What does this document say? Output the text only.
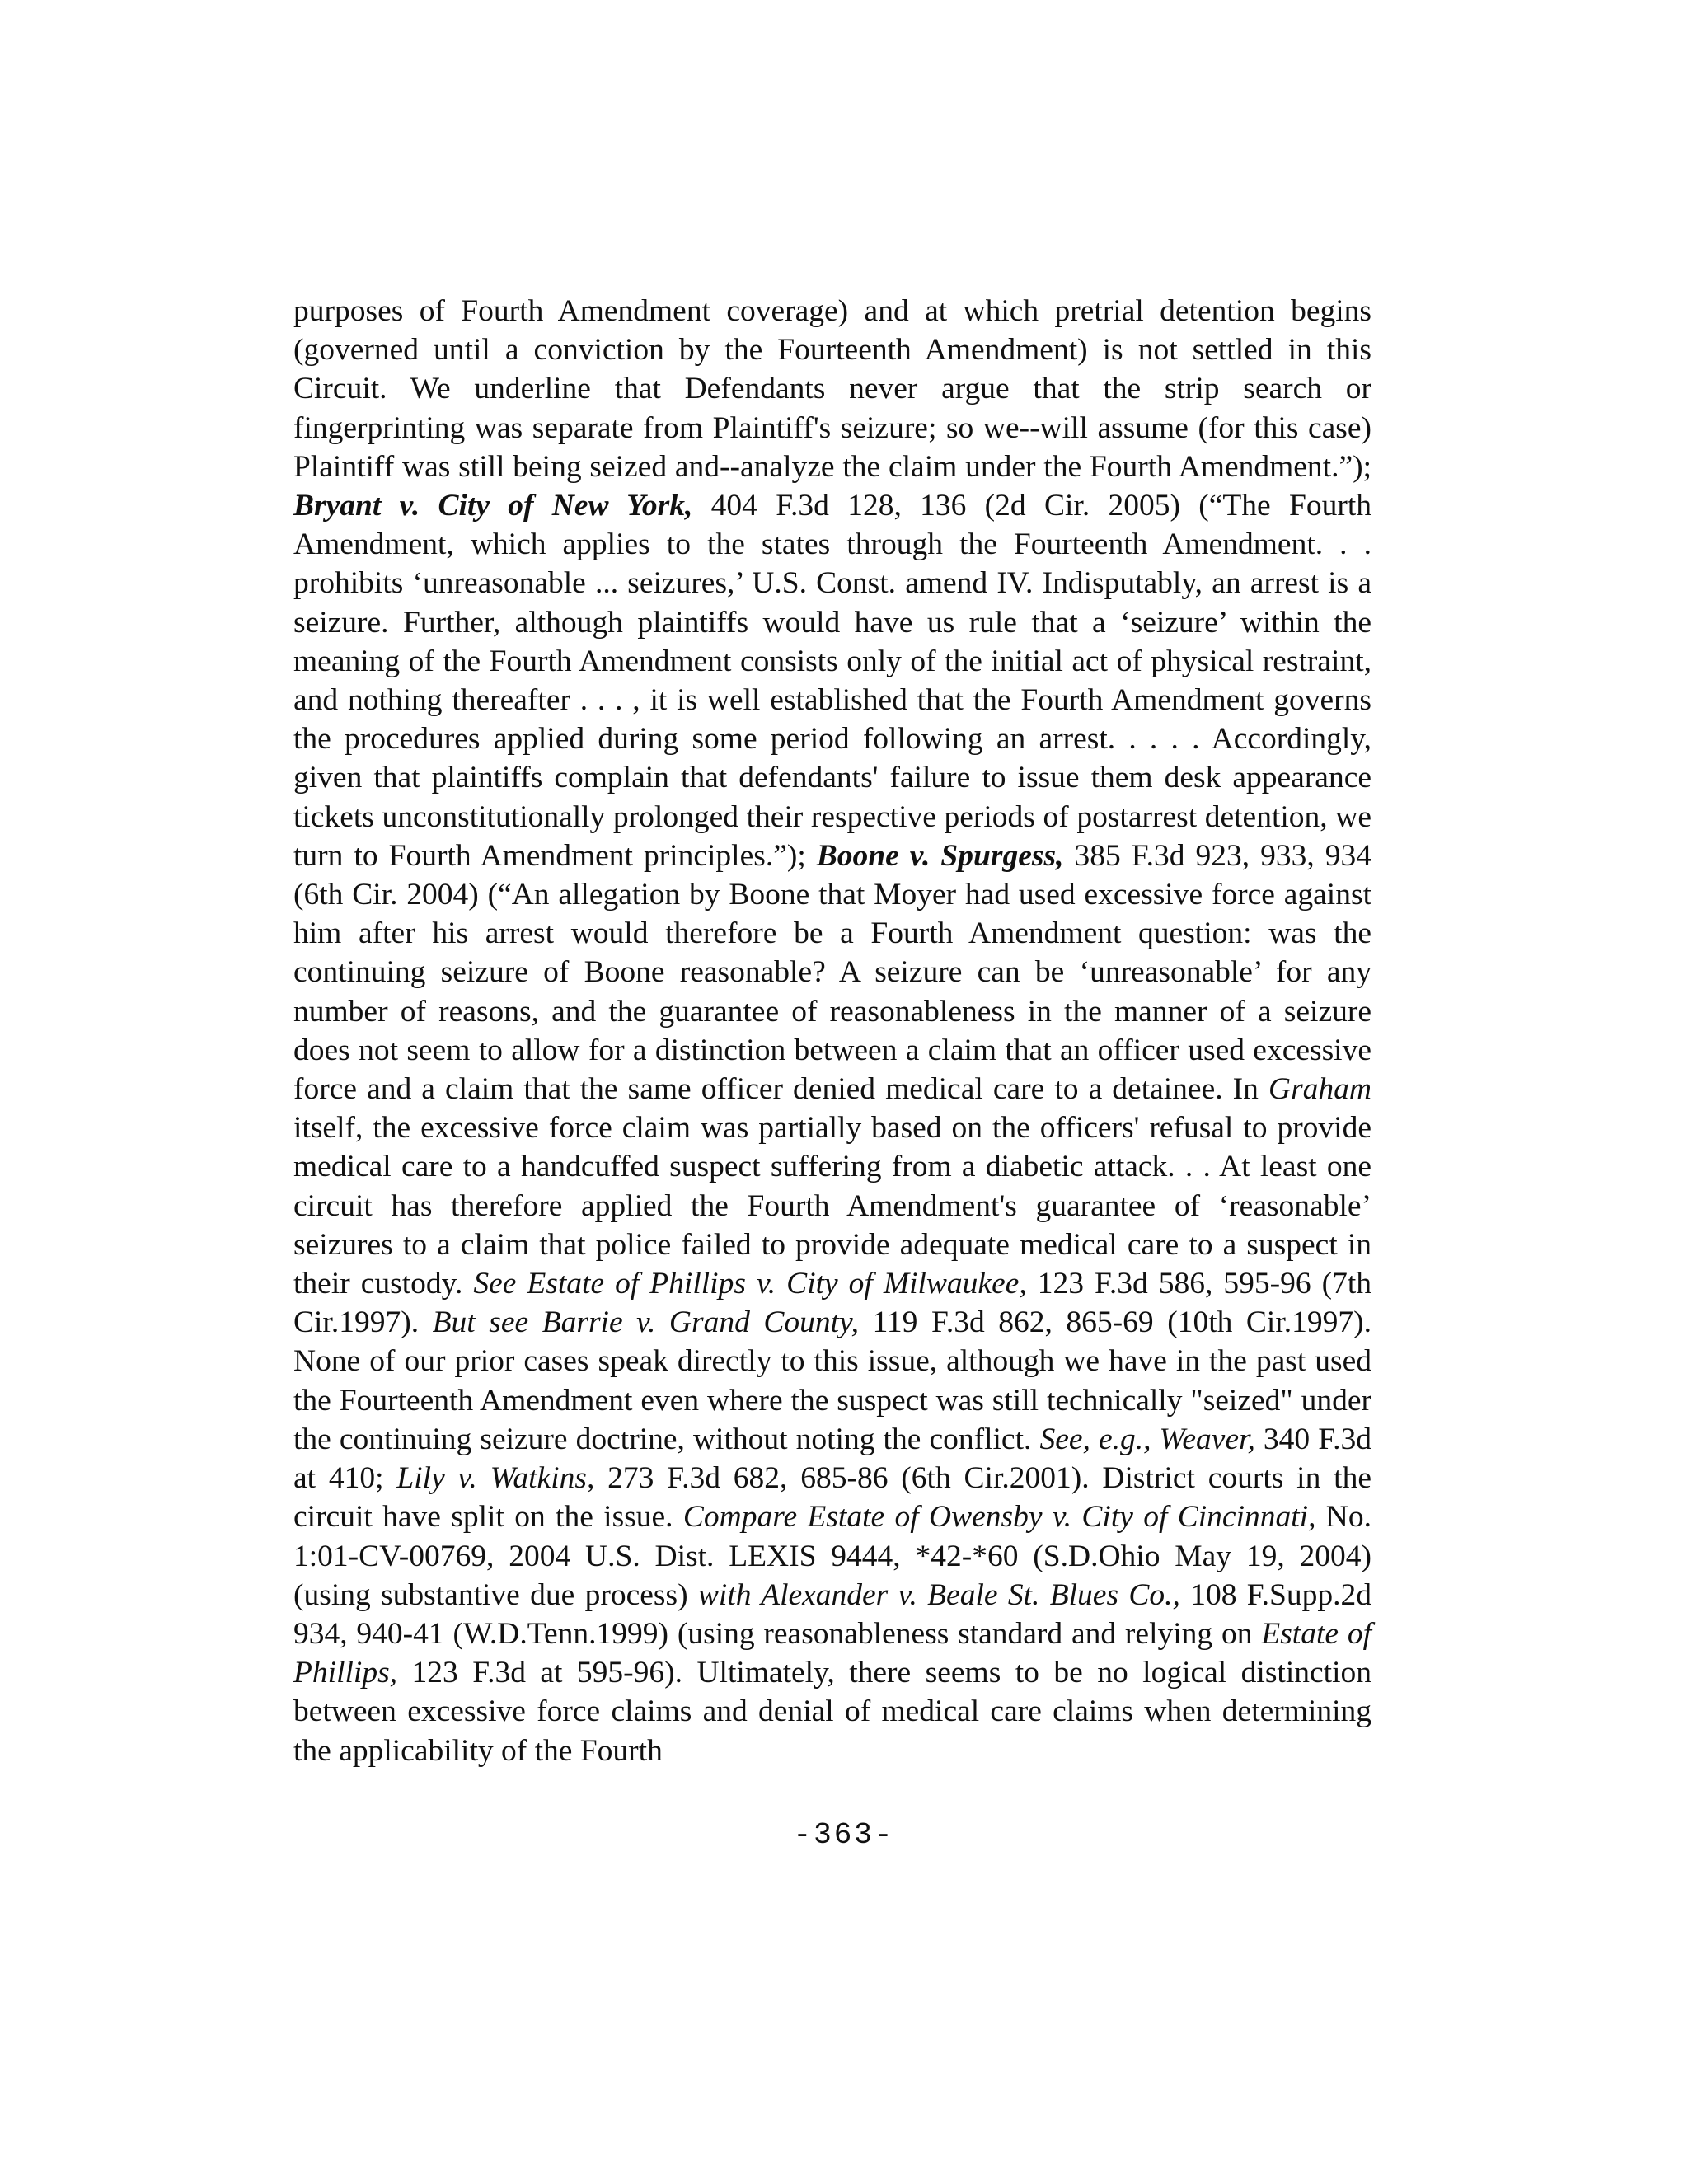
purposes of Fourth Amendment coverage) and at which pretrial detention begins (governed until a conviction by the Fourteenth Amendment) is not settled in this Circuit. We underline that Defendants never argue that the strip search or fingerprinting was separate from Plaintiff's seizure; so we--will assume (for this case) Plaintiff was still being seized and--analyze the claim under the Fourth Amendment.”); Bryant v. City of New York, 404 F.3d 128, 136 (2d Cir. 2005) (“The Fourth Amendment, which applies to the states through the Fourteenth Amendment. . . prohibits ‘unreasonable ... seizures,’ U.S. Const. amend IV. Indisputably, an arrest is a seizure. Further, although plaintiffs would have us rule that a ‘seizure’ within the meaning of the Fourth Amendment consists only of the initial act of physical restraint, and nothing thereafter . . . , it is well established that the Fourth Amendment governs the procedures applied during some period following an arrest. . . . . Accordingly, given that plaintiffs complain that defendants' failure to issue them desk appearance tickets unconstitutionally prolonged their respective periods of postarrest detention, we turn to Fourth Amendment principles.”); Boone v. Spurgess, 385 F.3d 923, 933, 934 (6th Cir. 2004) (“An allegation by Boone that Moyer had used excessive force against him after his arrest would therefore be a Fourth Amendment question: was the continuing seizure of Boone reasonable? A seizure can be ‘unreasonable’ for any number of reasons, and the guarantee of reasonableness in the manner of a seizure does not seem to allow for a distinction between a claim that an officer used excessive force and a claim that the same officer denied medical care to a detainee. In Graham itself, the excessive force claim was partially based on the officers' refusal to provide medical care to a handcuffed suspect suffering from a diabetic attack. . . At least one circuit has therefore applied the Fourth Amendment's guarantee of ‘reasonable’ seizures to a claim that police failed to provide adequate medical care to a suspect in their custody. See Estate of Phillips v. City of Milwaukee, 123 F.3d 586, 595-96 (7th Cir.1997). But see Barrie v. Grand County, 119 F.3d 862, 865-69 (10th Cir.1997). None of our prior cases speak directly to this issue, although we have in the past used the Fourteenth Amendment even where the suspect was still technically "seized" under the continuing seizure doctrine, without noting the conflict. See, e.g., Weaver, 340 F.3d at 410; Lily v. Watkins, 273 F.3d 682, 685-86 (6th Cir.2001). District courts in the circuit have split on the issue. Compare Estate of Owensby v. City of Cincinnati, No. 1:01-CV-00769, 2004 U.S. Dist. LEXIS 9444, *42-*60 (S.D.Ohio May 19, 2004) (using substantive due process) with Alexander v. Beale St. Blues Co., 108 F.Supp.2d 934, 940-41 (W.D.Tenn.1999) (using reasonableness standard and relying on Estate of Phillips, 123 F.3d at 595-96). Ultimately, there seems to be no logical distinction between excessive force claims and denial of medical care claims when determining the applicability of the Fourth

-363-
